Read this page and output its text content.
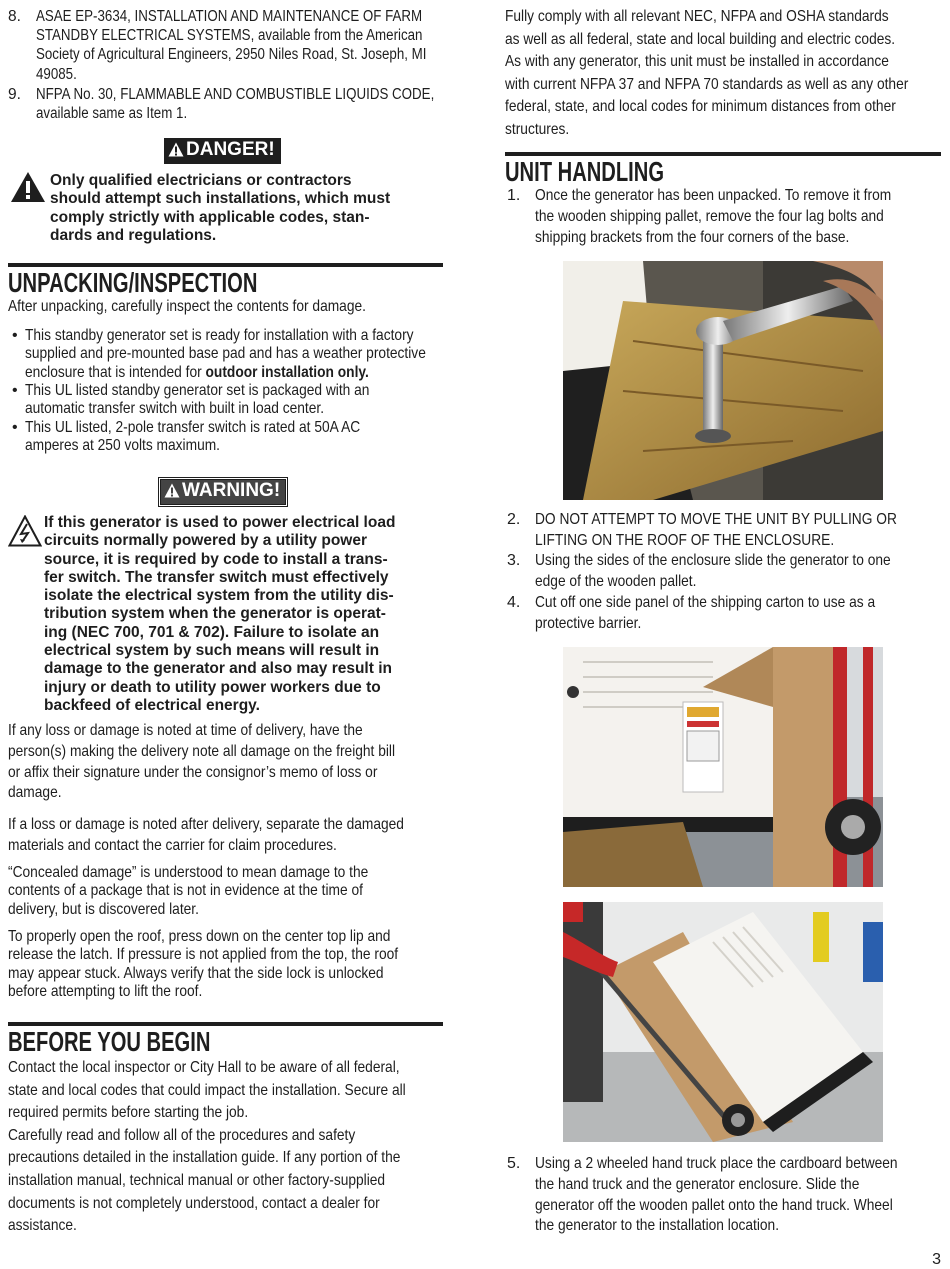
8. ASAE EP-3634, INSTALLATION AND MAINTENANCE OF FARM
STANDBY ELECTRICAL SYSTEMS, available from the American
Society of Agricultural Engineers, 2950 Niles Road, St. Joseph, MI
49085.
9. NFPA No. 30, FLAMMABLE AND COMBUSTIBLE LIQUIDS CODE,
available same as Item 1.
DANGER!
Only qualified electricians or contractors
should attempt such installations, which must
comply strictly with applicable codes, stan-
dards and regulations.
UNPACKING/INSPECTION
After unpacking, carefully inspect the contents for damage.
• This standby generator set is ready for installation with a factory
supplied and pre-mounted base pad and has a weather protective
enclosure that is intended for outdoor installation only.
• This UL listed standby generator set is packaged with an
automatic transfer switch with built in load center.
• This UL listed, 2-pole transfer switch is rated at 50A AC
amperes at 250 volts maximum.
WARNING!
If this generator is used to power electrical load
circuits normally powered by a utility power
source, it is required by code to install a trans-
fer switch. The transfer switch must effectively
isolate the electrical system from the utility dis-
tribution system when the generator is operat-
ing (NEC 700, 701 & 702). Failure to isolate an
electrical system by such means will result in
damage to the generator and also may result in
injury or death to utility power workers due to
backfeed of electrical energy.
If any loss or damage is noted at time of delivery, have the
person(s) making the delivery note all damage on the freight bill
or affix their signature under the consignor’s memo of loss or
damage.
If a loss or damage is noted after delivery, separate the damaged
materials and contact the carrier for claim procedures.
“Concealed damage” is understood to mean damage to the
contents of a package that is not in evidence at the time of
delivery, but is discovered later.
To properly open the roof, press down on the center top lip and
release the latch. If pressure is not applied from the top, the roof
may appear stuck. Always verify that the side lock is unlocked
before attempting to lift the roof.
BEFORE YOU BEGIN
Contact the local inspector or City Hall to be aware of all federal,
state and local codes that could impact the installation. Secure all
required permits before starting the job.
Carefully read and follow all of the procedures and safety
precautions detailed in the installation guide. If any portion of the
installation manual, technical manual or other factory-supplied
documents is not completely understood, contact a dealer for
assistance.
Fully comply with all relevant NEC, NFPA and OSHA standards
as well as all federal, state and local building and electric codes.
As with any generator, this unit must be installed in accordance
with current NFPA 37 and NFPA 70 standards as well as any other
federal, state, and local codes for minimum distances from other
structures.
UNIT HANDLING
1. Once the generator has been unpacked. To remove it from
the wooden shipping pallet, remove the four lag bolts and
shipping brackets from the four corners of the base.
2. DO NOT ATTEMPT TO MOVE THE UNIT BY PULLING OR
LIFTING ON THE ROOF OF THE ENCLOSURE.
3. Using the sides of the enclosure slide the generator to one
edge of the wooden pallet.
4. Cut off one side panel of the shipping carton to use as a
protective barrier.
5. Using a 2 wheeled hand truck place the cardboard between
the hand truck and the generator enclosure. Slide the
generator off the wooden pallet onto the hand truck. Wheel
the generator to the installation location.
3
